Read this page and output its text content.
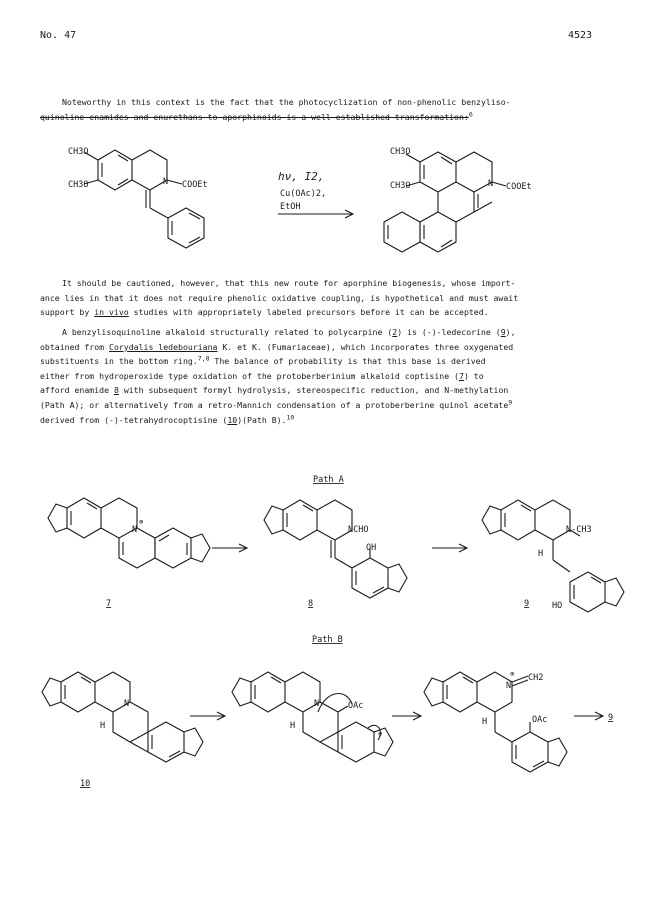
No. 47	4523

Noteworthy in this context is the fact that the photocyclization of non-phenolic benzyliso-

quinoline enamides and enurethans to aporphinoids is a well established transformation:$^6$

It should be cautioned, however, that this new route for aporphine biogenesis, whose import-

ance lies in that it does not require phenolic oxidative coupling, is hypothetical and must await

support by in vivo studies with appropriately labeled precursors before it can be accepted.

A benzylisoquinoline alkaloid structurally related to polycarpine (2) is (-)-ledecorine (9),

obtained from Corydalis ledebouriana K. et K. (Fumariaceae), which incorporates three oxygenated

substituents in the bottom ring.$^{7,8}$ The balance of probability is that this base is derived

either from hydroperoxide type oxidation of the protoberberinium alkaloid coptisine (7) to

afford enamide 8 with subsequent formyl hydrolysis, stereospecific reduction, and N-methylation

(Path A); or alternatively from a retro-Mannich condensation of a protoberberine quinol acetate$^9$

derived from (-)-tetrahydrocoptisine (10)(Path B).$^{10}$

CH3O
CH3O	N COOEt
hν, I2,
Cu(OAc)2,
EtOH
CH3O
CH3O	N COOEt
Path A
N
⊕
7
NCHO
OH
8
N-CH3
H
HO
9
Path B
N
H
10
N
H
OAc
⊕
N
⊕ CH2
H	OAc	9
